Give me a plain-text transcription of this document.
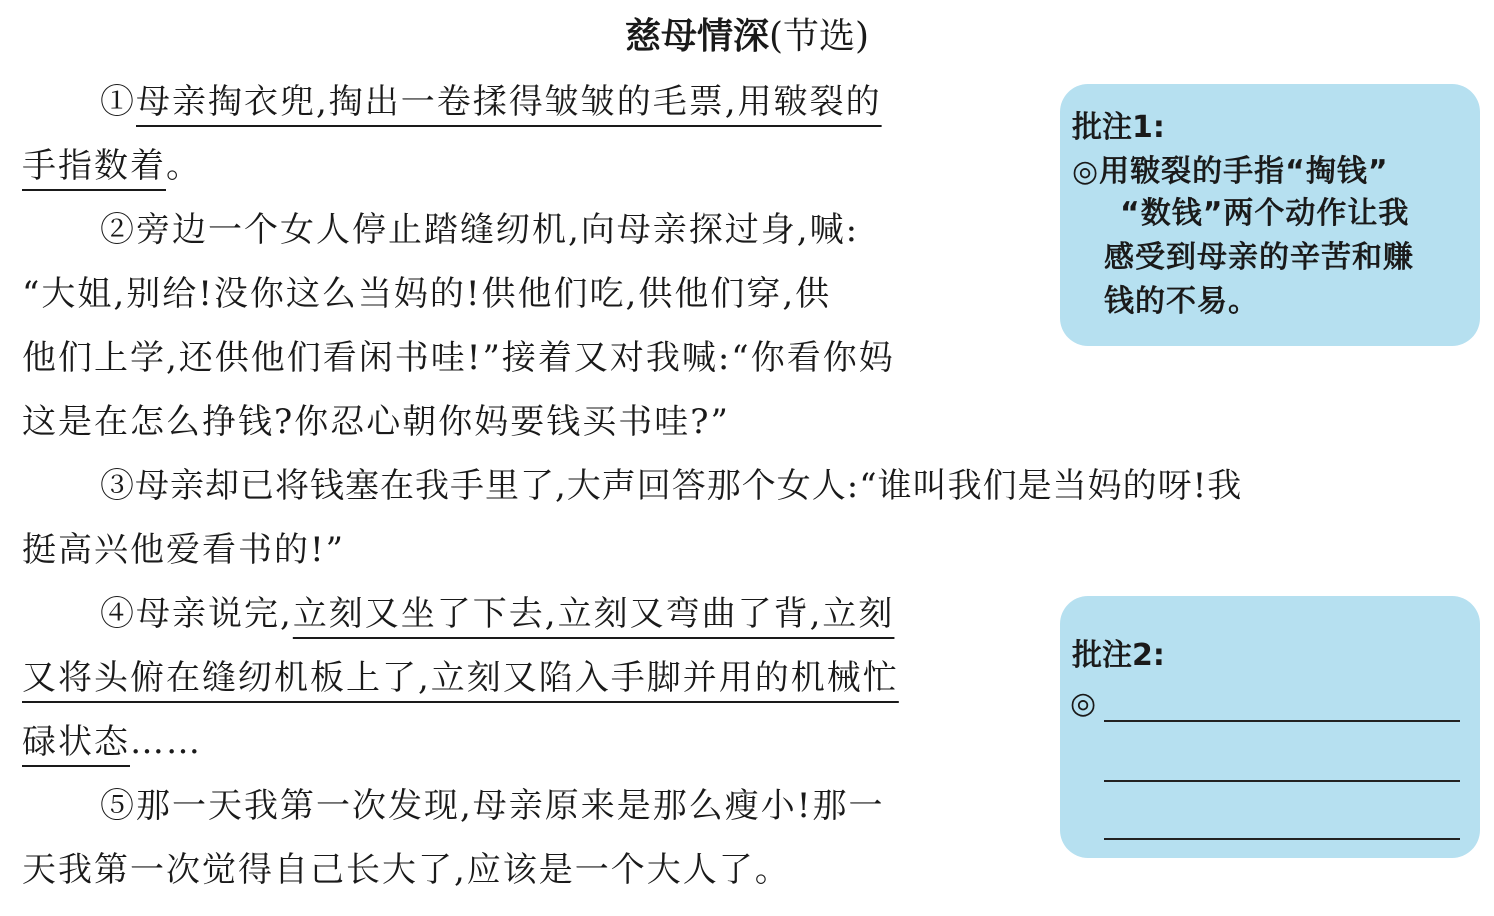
慈母情深(节选)
①母亲掏衣兜,掏出一卷揉得皱皱的毛票,用皲裂的
手指数着。
②旁边一个女人停止踏缝纫机,向母亲探过身,喊:
“大姐,别给!没你这么当妈的!供他们吃,供他们穿,供
他们上学,还供他们看闲书哇!”接着又对我喊:“你看你妈
这是在怎么挣钱?你忍心朝你妈要钱买书哇?”
③母亲却已将钱塞在我手里了,大声回答那个女人:“谁叫我们是当妈的呀!我
挺高兴他爱看书的!”
④母亲说完,立刻又坐了下去,立刻又弯曲了背,立刻
又将头俯在缝纫机板上了,立刻又陷入手脚并用的机械忙
碌状态……
⑤那一天我第一次发现,母亲原来是那么瘦小!那一
天我第一次觉得自己长大了,应该是一个大人了。
批注1:
◎用皲裂的手指“掏钱”
“数钱”两个动作让我
感受到母亲的辛苦和赚
钱的不易。
批注2:
◎
